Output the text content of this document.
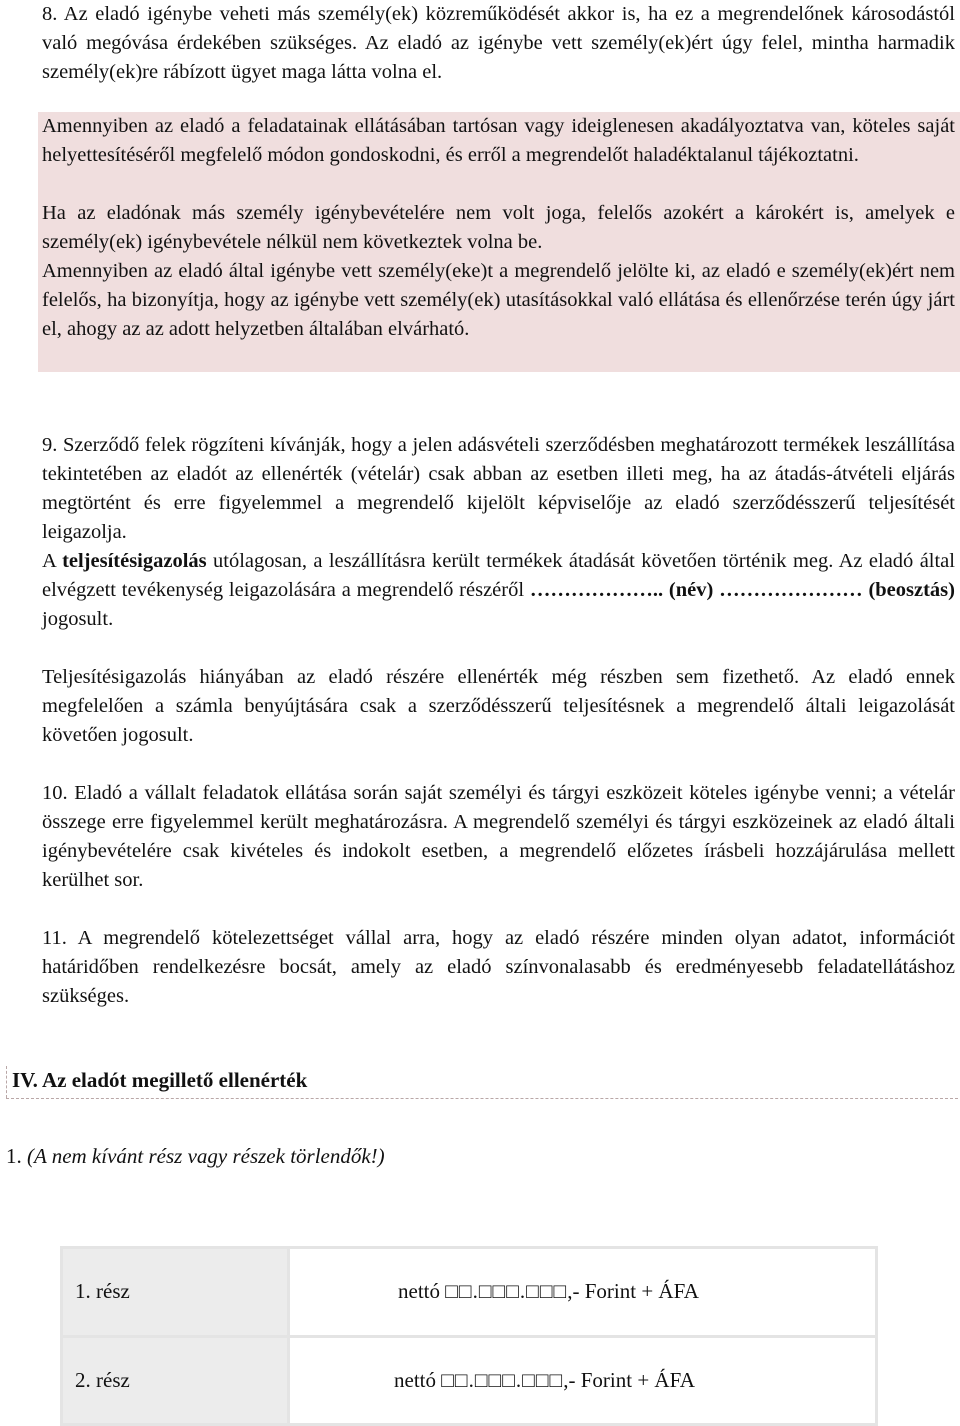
8. Az eladó igénybe veheti más személy(ek) közreműködését akkor is, ha ez a megrendelőnek károsodástól való megóvása érdekében szükséges. Az eladó az igénybe vett személy(ek)ért úgy felel, mintha harmadik személy(ek)re rábízott ügyet maga látta volna el.

Amennyiben az eladó a feladatainak ellátásában tartósan vagy ideiglenesen akadályoztatva van, köteles saját helyettesítéséről megfelelő módon gondoskodni, és erről a megrendelőt haladéktalanul tájékoztatni.

Ha az eladónak más személy igénybevételére nem volt joga, felelős azokért a károkért is, amelyek e személy(ek) igénybevétele nélkül nem következtek volna be.

Amennyiben az eladó által igénybe vett személy(eke)t a megrendelő jelölte ki, az eladó e személy(ek)ért nem felelős, ha bizonyítja, hogy az igénybe vett személy(ek) utasításokkal való ellátása és ellenőrzése terén úgy járt el, ahogy az az adott helyzetben általában elvárható.

9. Szerződő felek rögzíteni kívánják, hogy a jelen adásvételi szerződésben meghatározott termékek leszállítása tekintetében az eladót az ellenérték (vételár) csak abban az esetben illeti meg, ha az átadás-átvételi eljárás megtörtént és erre figyelemmel a megrendelő kijelölt képviselője az eladó szerződésszerű teljesítését leigazolja.

A teljesítésigazolás utólagosan, a leszállításra került termékek átadását követően történik meg. Az eladó által elvégzett tevékenység leigazolására a megrendelő részéről ……………….. (név) ………………… (beosztás) jogosult.

Teljesítésigazolás hiányában az eladó részére ellenérték még részben sem fizethető. Az eladó ennek megfelelően a számla benyújtására csak a szerződésszerű teljesítésnek a megrendelő általi leigazolását követően jogosult.

10. Eladó a vállalt feladatok ellátása során saját személyi és tárgyi eszközeit köteles igénybe venni; a vételár összege erre figyelemmel került meghatározásra. A megrendelő személyi és tárgyi eszközeinek az eladó általi igénybevételére csak kivételes és indokolt esetben, a megrendelő előzetes írásbeli hozzájárulása mellett kerülhet sor.

11. A megrendelő kötelezettséget vállal arra, hogy az eladó részére minden olyan adatot, információt határidőben rendelkezésre bocsát, amely az eladó színvonalasabb és eredményesebb feladatellátáshoz szükséges.

IV. Az eladót megillető ellenérték
1. (A nem kívánt rész vagy részek törlendők!)
1. rész	nettó □□.□□□.□□□,- Forint + ÁFA
2. rész	nettó □□.□□□.□□□,- Forint + ÁFA
